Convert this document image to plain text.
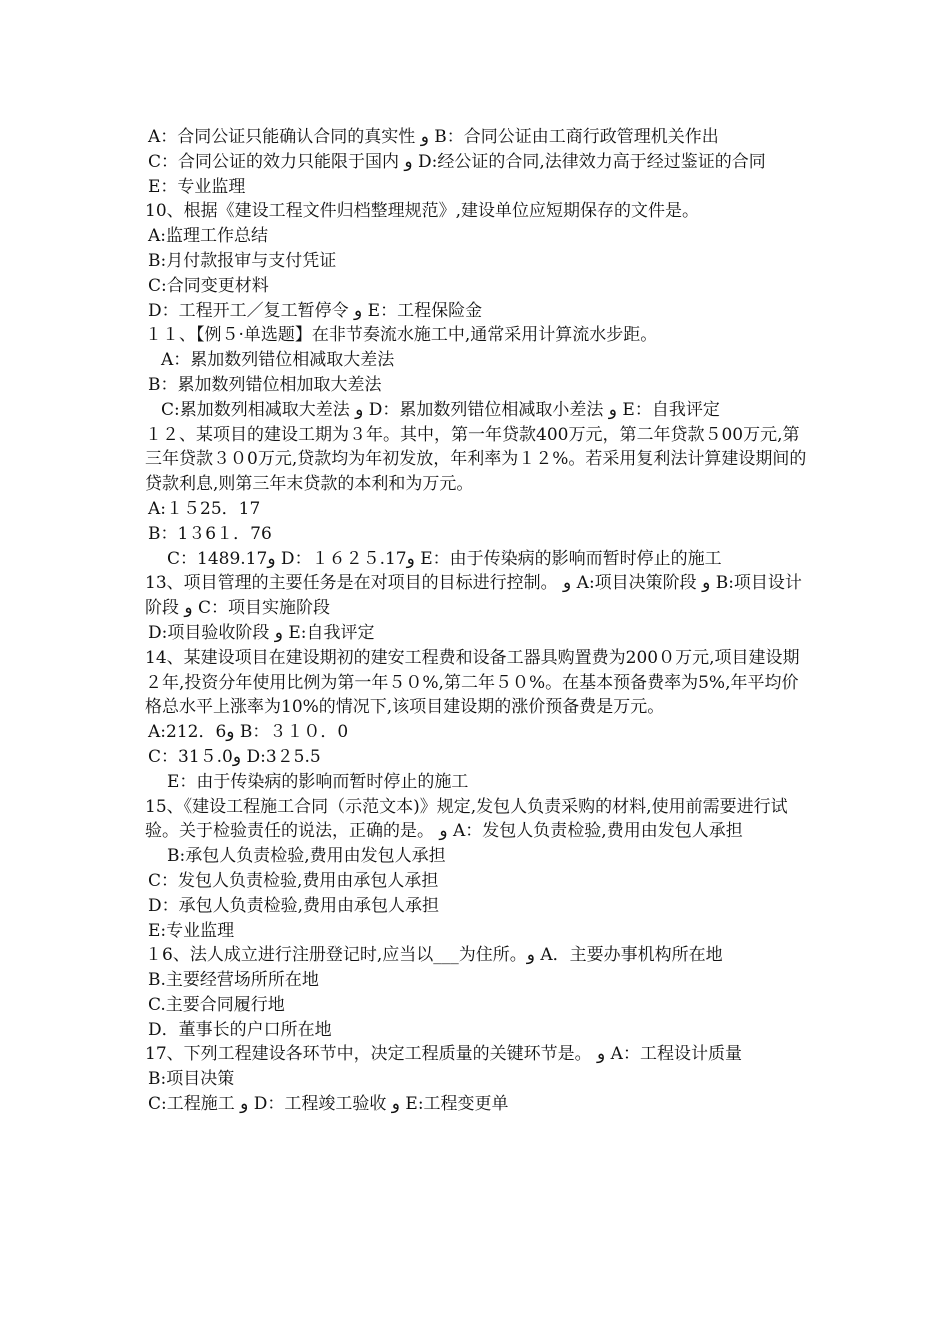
A：合同公证只能确认合同的真实性 و B：合同公证由工商行政管理机关作出

C：合同公证的效力只能限于国内 و D:经公证的合同,法律效力高于经过鉴证的合同

E：专业监理

10、根据《建设工程文件归档整理规范》,建设单位应短期保存的文件是。

A:监理工作总结

B:月付款报审与支付凭证

C:合同变更材料

D：工程开工／复工暂停令 و E：工程保险金

１１、【例５·单选题】在非节奏流水施工中,通常采用计算流水步距。

A：累加数列错位相减取大差法

B：累加数列错位相加取大差法

C:累加数列相减取大差法 و D：累加数列错位相减取小差法 و E：自我评定

１２、某项目的建设工期为３年。其中，第一年贷款400万元，第二年贷款５00万元,第三年贷款３０0万元,贷款均为年初发放，年利率为１２%。若采用复利法计算建设期间的贷款利息,则第三年末贷款的本利和为万元。

A:１５25．17

B：1３6１．76

C：1489.17و D：１６２５.17و E：由于传染病的影响而暂时停止的施工

13、项目管理的主要任务是在对项目的目标进行控制。 و A:项目决策阶段 و B:项目设计阶段 و C：项目实施阶段

D:项目验收阶段 و E:自我评定

14、某建设项目在建设期初的建安工程费和设备工器具购置费为200０万元,项目建设期２年,投资分年使用比例为第一年５０%,第二年５０%。在基本预备费率为5%,年平均价格总水平上涨率为10%的情况下,该项目建设期的涨价预备费是万元。

A:212．6و B：３１０．0

C：31５.0و D:3２5.5

E：由于传染病的影响而暂时停止的施工

15、《建设工程施工合同（示范文本)》规定,发包人负责采购的材料,使用前需要进行试验。关于检验责任的说法，正确的是。 و A：发包人负责检验,费用由发包人承担

B:承包人负责检验,费用由发包人承担

C：发包人负责检验,费用由承包人承担

D：承包人负责检验,费用由承包人承担

E:专业监理

１6、法人成立进行注册登记时,应当以___为住所。و A．主要办事机构所在地

B.主要经营场所所在地

C.主要合同履行地

D．董事长的户口所在地

17、下列工程建设各环节中，决定工程质量的关键环节是。 و A：工程设计质量

B:项目决策

C:工程施工 و D：工程竣工验收 و E:工程变更单
